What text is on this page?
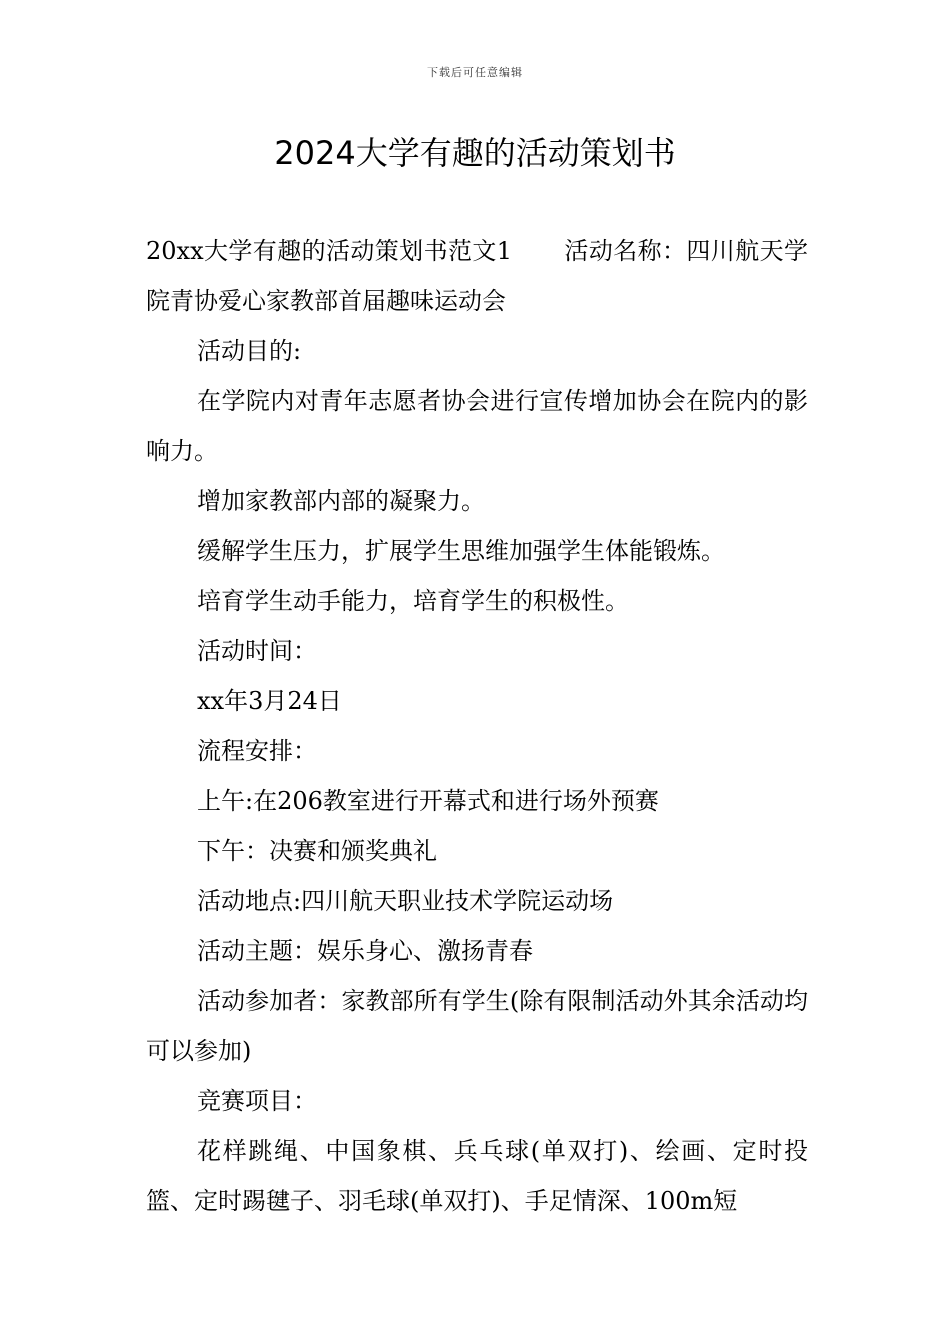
下载后可任意编辑
2024大学有趣的活动策划书

20xx大学有趣的活动策划书范文1 活动名称：四川航天学院青协爱心家教部首届趣味运动会

活动目的:

在学院内对青年志愿者协会进行宣传增加协会在院内的影响力。

增加家教部内部的凝聚力。

缓解学生压力，扩展学生思维加强学生体能锻炼。

培育学生动手能力，培育学生的积极性。

活动时间：

xx年3月24日

流程安排：

上午:在206教室进行开幕式和进行场外预赛

下午：决赛和颁奖典礼

活动地点:四川航天职业技术学院运动场

活动主题：娱乐身心、激扬青春

活动参加者：家教部所有学生(除有限制活动外其余活动均可以参加)

竞赛项目：

花样跳绳、中国象棋、兵乓球(单双打)、绘画、定时投篮、定时踢毽子、羽毛球(单双打)、手足情深、100m短
